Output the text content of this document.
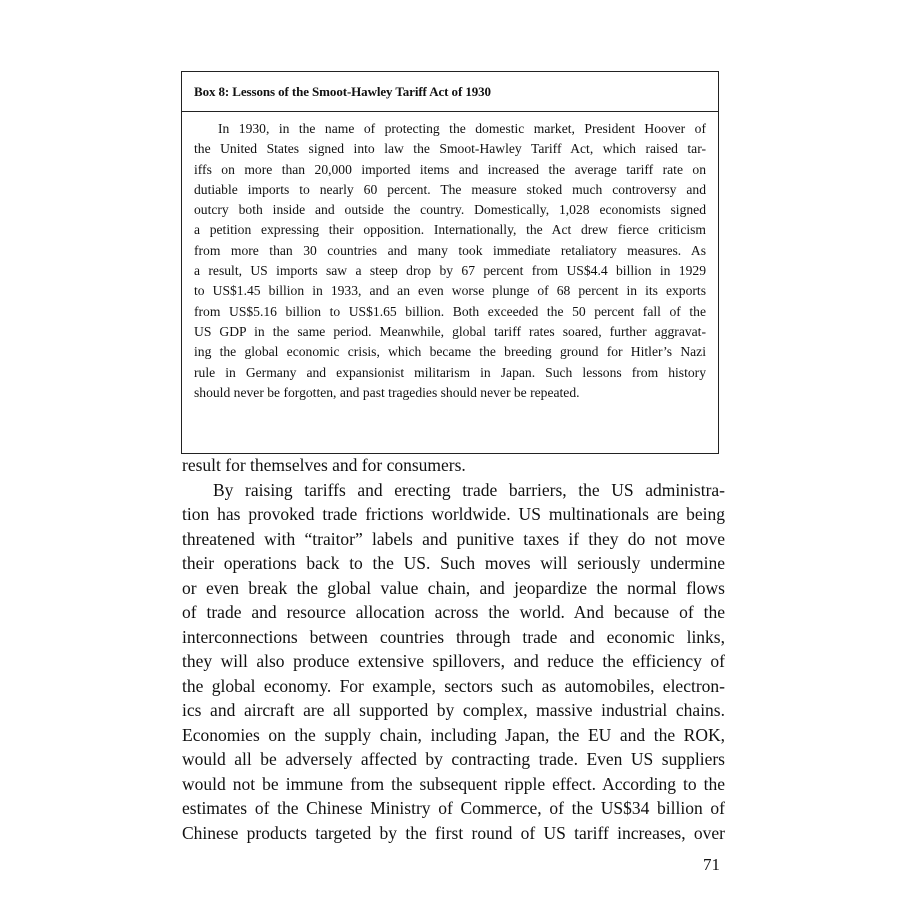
Box 8: Lessons of the Smoot-Hawley Tariff Act of 1930
In 1930, in the name of protecting the domestic market, President Hoover of
the United States signed into law the Smoot-Hawley Tariff Act, which raised tar-
iffs on more than 20,000 imported items and increased the average tariff rate on
dutiable imports to nearly 60 percent. The measure stoked much controversy and
outcry both inside and outside the country. Domestically, 1,028 economists signed
a petition expressing their opposition. Internationally, the Act drew fierce criticism
from more than 30 countries and many took immediate retaliatory measures. As
a result, US imports saw a steep drop by 67 percent from US$4.4 billion in 1929
to US$1.45 billion in 1933, and an even worse plunge of 68 percent in its exports
from US$5.16 billion to US$1.65 billion. Both exceeded the 50 percent fall of the
US GDP in the same period. Meanwhile, global tariff rates soared, further aggravat-
ing the global economic crisis, which became the breeding ground for Hitler’s Nazi
rule in Germany and expansionist militarism in Japan. Such lessons from history
should never be forgotten, and past tragedies should never be repeated.
result for themselves and for consumers.
By raising tariffs and erecting trade barriers, the US administra-
tion has provoked trade frictions worldwide. US multinationals are being
threatened with “traitor” labels and punitive taxes if they do not move
their operations back to the US. Such moves will seriously undermine
or even break the global value chain, and jeopardize the normal flows
of trade and resource allocation across the world. And because of the
interconnections between countries through trade and economic links,
they will also produce extensive spillovers, and reduce the efficiency of
the global economy. For example, sectors such as automobiles, electron-
ics and aircraft are all supported by complex, massive industrial chains.
Economies on the supply chain, including Japan, the EU and the ROK,
would all be adversely affected by contracting trade. Even US suppliers
would not be immune from the subsequent ripple effect. According to the
estimates of the Chinese Ministry of Commerce, of the US$34 billion of
Chinese products targeted by the first round of US tariff increases, over
71
